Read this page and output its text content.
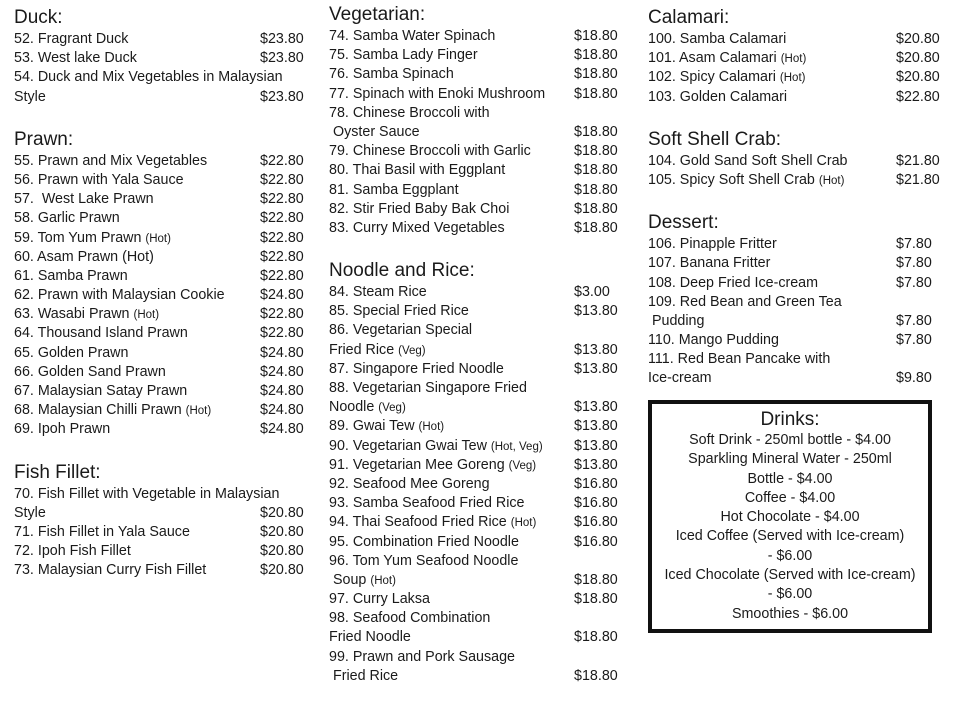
Duck:
52. Fragrant Duck	$23.80
53. West lake Duck	$23.80
54. Duck and Mix Vegetables in Malaysian
Style	$23.80
Prawn:
55. Prawn and Mix Vegetables	$22.80
56. Prawn with Yala Sauce	$22.80
57.  West Lake Prawn	$22.80
58. Garlic Prawn	$22.80
59. Tom Yum Prawn (Hot)	$22.80
60. Asam Prawn (Hot)	$22.80
61. Samba Prawn	$22.80
62. Prawn with Malaysian Cookie	$24.80
63. Wasabi Prawn (Hot)	$22.80
64. Thousand Island Prawn	$22.80
65. Golden Prawn	$24.80
66. Golden Sand Prawn	$24.80
67. Malaysian Satay Prawn	$24.80
68. Malaysian Chilli Prawn (Hot)	$24.80
69. Ipoh Prawn	$24.80
Fish Fillet:
70. Fish Fillet with Vegetable in Malaysian
Style	$20.80
71. Fish Fillet in Yala Sauce	$20.80
72. Ipoh Fish Fillet	$20.80
73. Malaysian Curry Fish Fillet	$20.80
Vegetarian:
74. Samba Water Spinach	$18.80
75. Samba Lady Finger	$18.80
76. Samba Spinach	$18.80
77. Spinach with Enoki Mushroom	$18.80
78. Chinese Broccoli with
Oyster Sauce	$18.80
79. Chinese Broccoli with Garlic	$18.80
80. Thai Basil with Eggplant	$18.80
81. Samba Eggplant	$18.80
82. Stir Fried Baby Bak Choi	$18.80
83. Curry Mixed Vegetables	$18.80
Noodle and Rice:
84. Steam Rice	$3.00
85. Special Fried Rice	$13.80
86. Vegetarian Special
Fried Rice (Veg)	$13.80
87. Singapore Fried Noodle	$13.80
88. Vegetarian Singapore Fried
Noodle (Veg)	$13.80
89. Gwai Tew (Hot)	$13.80
90. Vegetarian Gwai Tew (Hot, Veg)	$13.80
91. Vegetarian Mee Goreng (Veg)	$13.80
92. Seafood Mee Goreng	$16.80
93. Samba Seafood Fried Rice	$16.80
94. Thai Seafood Fried Rice (Hot)	$16.80
95. Combination Fried Noodle	$16.80
96. Tom Yum Seafood Noodle
Soup (Hot)	$18.80
97. Curry Laksa	$18.80
98. Seafood Combination
Fried Noodle	$18.80
99. Prawn and Pork Sausage
Fried Rice	$18.80
Calamari:
100. Samba Calamari	$20.80
101. Asam Calamari (Hot)	$20.80
102. Spicy Calamari (Hot)	$20.80
103. Golden Calamari	$22.80
Soft Shell Crab:
104. Gold Sand Soft Shell Crab	$21.80
105. Spicy Soft Shell Crab (Hot)	$21.80
Dessert:
106. Pinapple Fritter	$7.80
107. Banana Fritter	$7.80
108. Deep Fried Ice-cream	$7.80
109. Red Bean and Green Tea
Pudding	$7.80
110. Mango Pudding	$7.80
111. Red Bean Pancake with
Ice-cream	$9.80
Drinks:
Soft Drink - 250ml bottle - $4.00
Sparkling Mineral Water - 250ml
Bottle - $4.00
Coffee - $4.00
Hot Chocolate - $4.00
Iced Coffee (Served with Ice-cream)
- $6.00
Iced Chocolate (Served with Ice-cream)
- $6.00
Smoothies - $6.00
